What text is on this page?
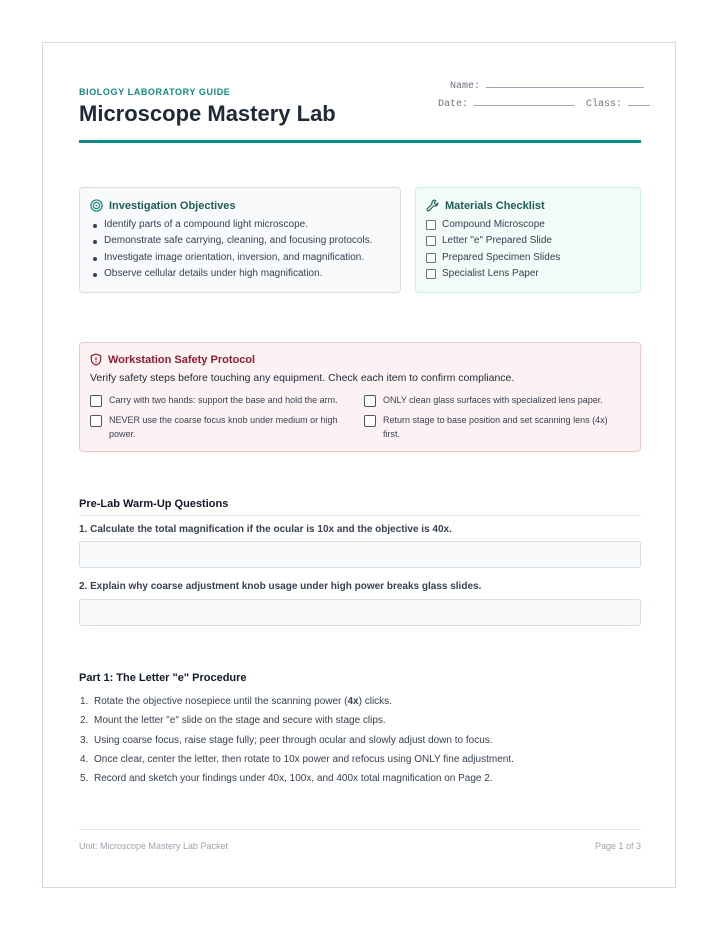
BIOLOGY LABORATORY GUIDE
Microscope Mastery Lab
Name:
Date:	Class:
Investigation Objectives
Identify parts of a compound light microscope.
Demonstrate safe carrying, cleaning, and focusing protocols.
Investigate image orientation, inversion, and magnification.
Observe cellular details under high magnification.
Materials Checklist
Compound Microscope
Letter "e" Prepared Slide
Prepared Specimen Slides
Specialist Lens Paper
Workstation Safety Protocol
Verify safety steps before touching any equipment. Check each item to confirm compliance.
Carry with two hands: support the base and hold the arm.	ONLY clean glass surfaces with specialized lens paper.
NEVER use the coarse focus knob under medium or high power.
Return stage to base position and set scanning lens (4x) first.
Pre-Lab Warm-Up Questions
1. Calculate the total magnification if the ocular is 10x and the objective is 40x.
2. Explain why coarse adjustment knob usage under high power breaks glass slides.
Part 1: The Letter "e" Procedure
1. Rotate the objective nosepiece until the scanning power (4x) clicks.
2. Mount the letter "e" slide on the stage and secure with stage clips.
3. Using coarse focus, raise stage fully; peer through ocular and slowly adjust down to focus.
4. Once clear, center the letter, then rotate to 10x power and refocus using ONLY fine adjustment.
5. Record and sketch your findings under 40x, 100x, and 400x total magnification on Page 2.
Unit: Microscope Mastery Lab Packet	Page 1 of 3
